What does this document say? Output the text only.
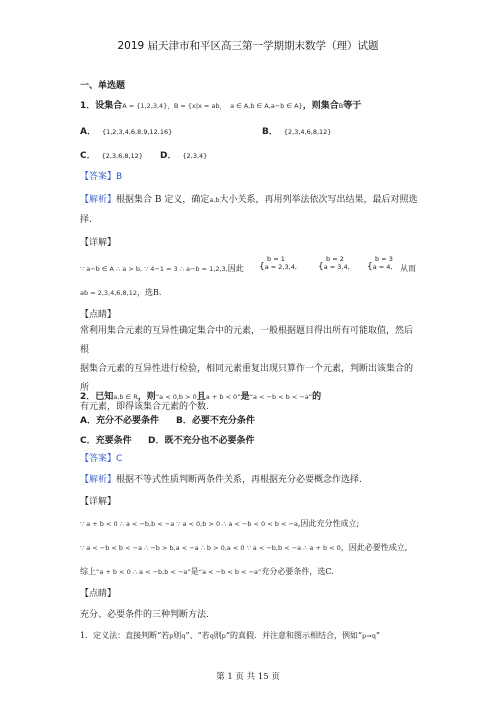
2019 届天津市和平区高三第一学期期末数学（理）试题
一、单选题
1．设集合A = {1,2,3,4}，B = {x|x = ab， a ∈ A,b ∈ A,a−b ∈ A}，则集合B等于
A． {1,2,3,4,6,8,9,12,16}	B． {2,3,4,6,8,12}
C． {2,3,6,8,12} D． {2,3,4}
【答案】B
【解析】根据集合 B 定义，确定a,b大小关系，再用列举法依次写出结果，最后对照选
择.
【详解】
∵ a−b ∈ A ∴ a > b, ∵ 4−1 = 3 ∴ a−b = 1,2,3,因此
b = 1
{a = 2,3,4,
b = 2
{a = 3,4,
b = 3
{a = 4, 从而
ab = 2,3,4,6,8,12，选B.
【点睛】
常利用集合元素的互异性确定集合中的元素，一般根据题目得出所有可能取值，然后根
据集合元素的互异性进行检验，相同元素重复出现只算作一个元素，判断出该集合的所
有元素，即得该集合元素的个数.
2．已知a,b ∈ R，则“a < 0,b > 0且a + b < 0”是“a < −b < b < −a”的
A．充分不必要条件 B．必要不充分条件
C．充要条件 D．既不充分也不必要条件
【答案】C
【解析】根据不等式性质判断两条件关系，再根据充分必要概念作选择.
【详解】
∵ a + b < 0 ∴ a < −b,b < −a ∵ a < 0,b > 0 ∴ a < −b < 0 < b < −a,因此充分性成立;
∵ a < −b < b < −a ∴ −b > b,a < −a ∴ b > 0,a < 0 ∵ a < −b,b < −a ∴ a + b < 0，因此必要性成立,
综上“a + b < 0 ∴ a < −b,b < −a”是“a < −b < b < −a”充分必要条件，选C.
【点睛】
充分、必要条件的三种判断方法.
1．定义法：直接判断“若p则q”、“若q则p”的真假．并注意和图示相结合，例如“p⇒q”
第 1 页 共 15 页
